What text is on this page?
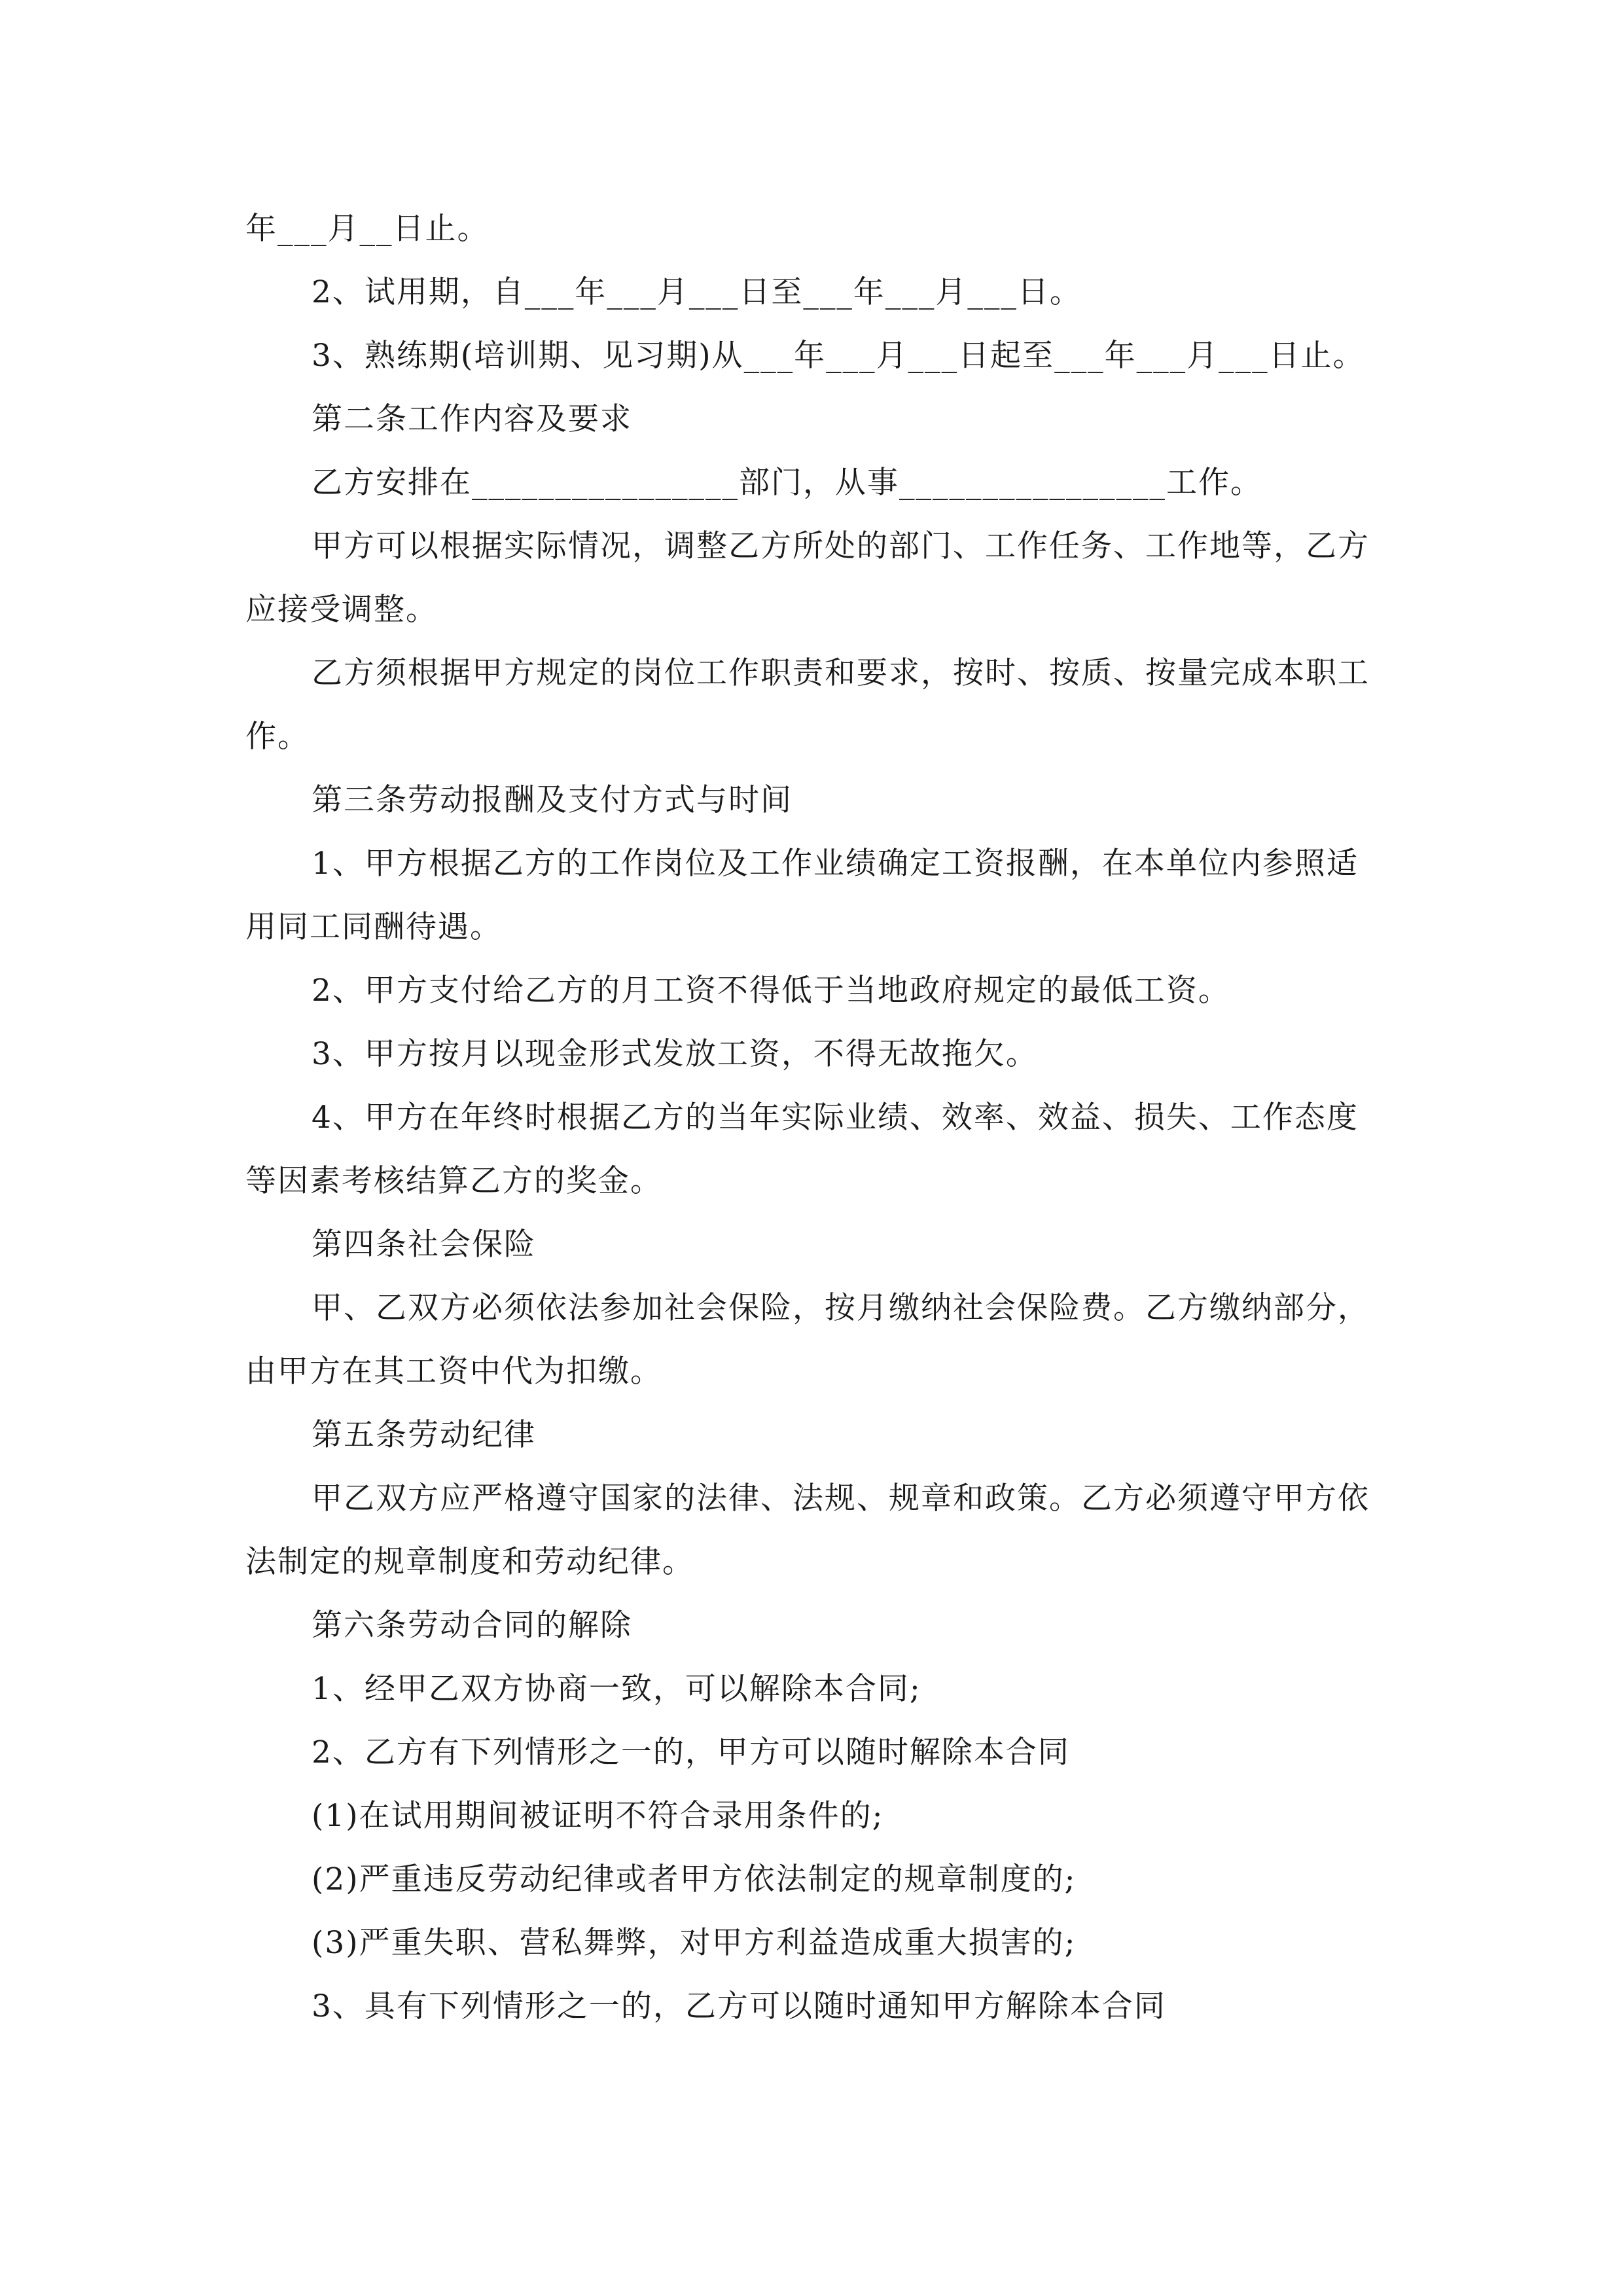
年___月__日止。
2、试用期，自___年___月___日至___年___月___日。
3、熟练期(培训期、见习期)从___年___月___日起至___年___月___日止。
第二条工作内容及要求
乙方安排在________________部门，从事________________工作。
甲方可以根据实际情况，调整乙方所处的部门、工作任务、工作地等，乙方
应接受调整。
乙方须根据甲方规定的岗位工作职责和要求，按时、按质、按量完成本职工
作。
第三条劳动报酬及支付方式与时间
1、甲方根据乙方的工作岗位及工作业绩确定工资报酬，在本单位内参照适
用同工同酬待遇。
2、甲方支付给乙方的月工资不得低于当地政府规定的最低工资。
3、甲方按月以现金形式发放工资，不得无故拖欠。
4、甲方在年终时根据乙方的当年实际业绩、效率、效益、损失、工作态度
等因素考核结算乙方的奖金。
第四条社会保险
甲、乙双方必须依法参加社会保险，按月缴纳社会保险费。乙方缴纳部分，
由甲方在其工资中代为扣缴。
第五条劳动纪律
甲乙双方应严格遵守国家的法律、法规、规章和政策。乙方必须遵守甲方依
法制定的规章制度和劳动纪律。
第六条劳动合同的解除
1、经甲乙双方协商一致，可以解除本合同;
2、乙方有下列情形之一的，甲方可以随时解除本合同
(1)在试用期间被证明不符合录用条件的;
(2)严重违反劳动纪律或者甲方依法制定的规章制度的;
(3)严重失职、营私舞弊，对甲方利益造成重大损害的;
3、具有下列情形之一的，乙方可以随时通知甲方解除本合同
